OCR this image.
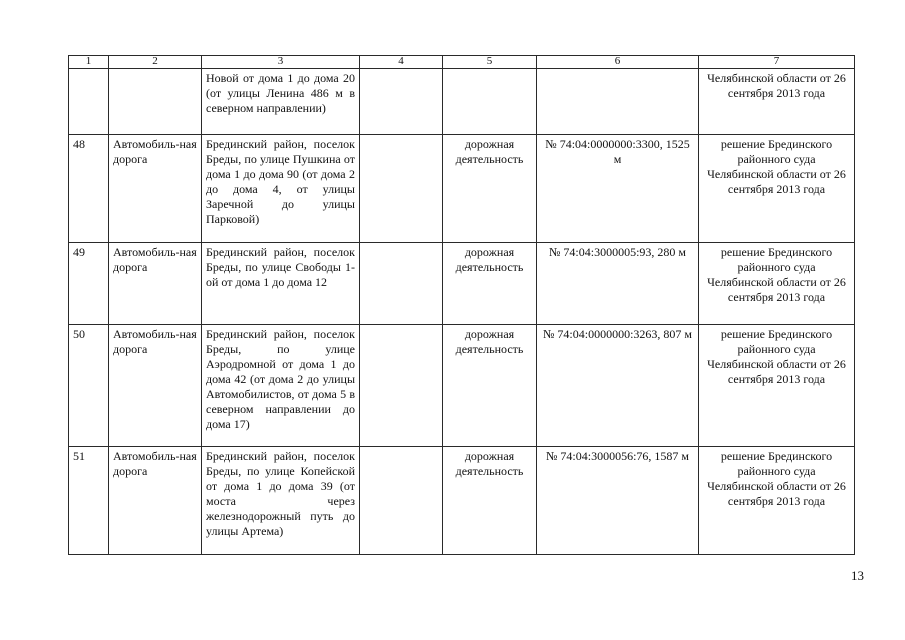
1	2	3	4	5	6	7
		Новой от дома 1 до дома 20 (от улицы Ленина 486 м в северном направлении)				Челябинской области от 26 сентября 2013 года
48	Автомобиль-ная дорога	Брединский район, поселок Бреды, по улице Пушкина от дома 1 до дома 90 (от дома 2 до дома 4, от улицы Заречной до улицы Парковой)		дорожная деятельность	№ 74:04:0000000:3300, 1525 м	решение Брединского районного суда Челябинской области от 26 сентября 2013 года
49	Автомобиль-ная дорога	Брединский район, поселок Бреды, по улице Свободы 1-ой от дома 1 до дома 12		дорожная деятельность	№ 74:04:3000005:93, 280 м	решение Брединского районного суда Челябинской области от 26 сентября 2013 года
50	Автомобиль-ная дорога	Брединский район, поселок Бреды, по улице Аэродромной от дома 1 до дома 42 (от дома 2 до улицы Автомобилистов, от дома 5 в северном направлении до дома 17)		дорожная деятельность	№ 74:04:0000000:3263, 807 м	решение Брединского районного суда Челябинской области от 26 сентября 2013 года
51	Автомобиль-ная дорога	Брединский район, поселок Бреды, по улице Копейской от дома 1 до дома 39 (от моста через железнодорожный путь до улицы Артема)		дорожная деятельность	№ 74:04:3000056:76, 1587 м	решение Брединского районного суда Челябинской области от 26 сентября 2013 года
13
